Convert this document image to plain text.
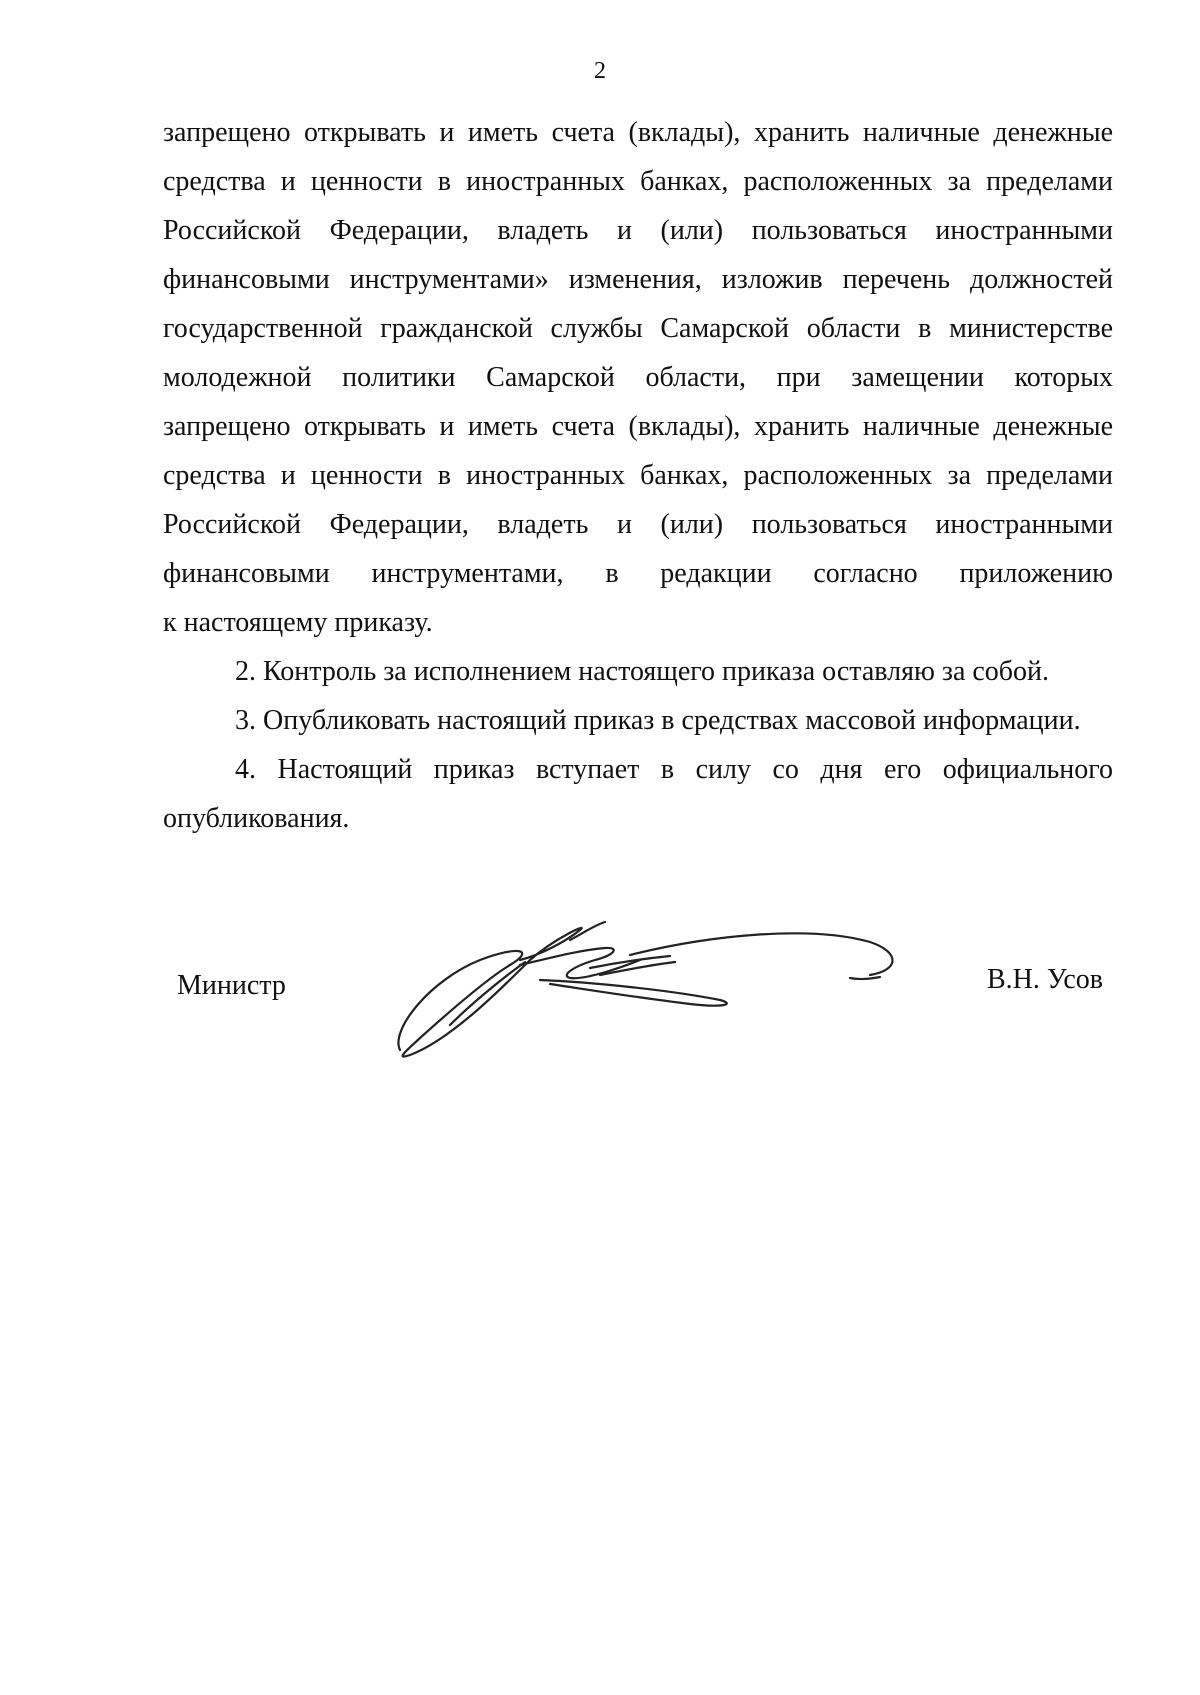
2
запрещено открывать и иметь счета (вклады), хранить наличные денежные
средства и ценности в иностранных банках, расположенных за пределами
Российской Федерации, владеть и (или) пользоваться иностранными
финансовыми инструментами» изменения, изложив перечень должностей
государственной гражданской службы Самарской области в министерстве
молодежной политики Самарской области, при замещении которых
запрещено открывать и иметь счета (вклады), хранить наличные денежные
средства и ценности в иностранных банках, расположенных за пределами
Российской Федерации, владеть и (или) пользоваться иностранными
финансовыми инструментами, в редакции согласно приложению
к настоящему приказу.
2. Контроль за исполнением настоящего приказа оставляю за собой.
3. Опубликовать настоящий приказ в средствах массовой информации.
4. Настоящий приказ вступает в силу со дня его официального
опубликования.
Министр	В.Н. Усов
